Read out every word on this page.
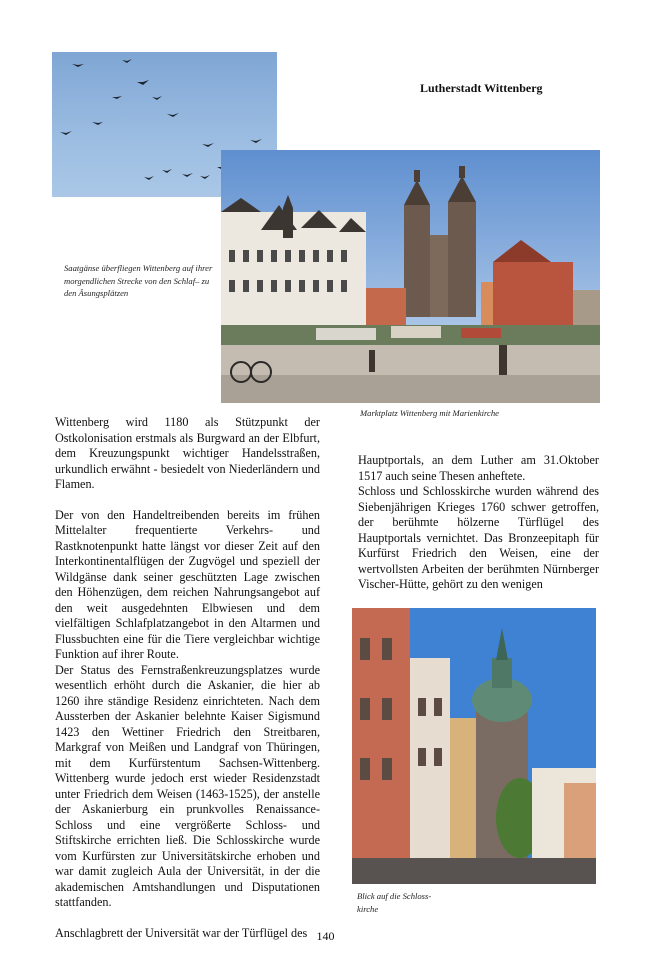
Lutherstadt Wittenberg
Saatgänse überfliegen Wittenberg auf ihrer morgendlichen Strecke von den Schlaf– zu den Äsungsplätzen
Marktplatz Wittenberg mit Marienkirche

Wittenberg wird 1180 als Stützpunkt der Ostkolonisation erstmals als Burgward an der Elbfurt, dem Kreuzungspunkt wichtiger Handelsstraßen, urkundlich erwähnt - besiedelt von Niederländern und Flamen.

Der von den Handeltreibenden bereits im frühen Mittelalter frequentierte Verkehrs- und Rastknotenpunkt hatte längst vor dieser Zeit auf den Interkontinentalflügen der Zugvögel und speziell der Wildgänse dank seiner geschützten Lage zwischen den Höhenzügen, dem reichen Nahrungsangebot auf den weit ausgedehnten Elbwiesen und dem vielfältigen Schlafplatzangebot in den Altarmen und Flussbuchten eine für die Tiere vergleichbar wichtige Funktion auf ihrer Route.

Der Status des Fernstraßenkreuzungsplatzes wurde wesentlich erhöht durch die Askanier, die hier ab 1260 ihre ständige Residenz einrichteten. Nach dem Aussterben der Askanier belehnte Kaiser Sigismund 1423 den Wettiner Friedrich den Streitbaren, Markgraf von Meißen und Landgraf von Thüringen, mit dem Kurfürstentum Sachsen-Wittenberg. Wittenberg wurde jedoch erst wieder Residenzstadt unter Friedrich dem Weisen (1463-1525), der anstelle der Askanierburg ein prunkvolles Renaissance-Schloss und eine vergrößerte Schloss- und Stiftskirche errichten ließ. Die Schlosskirche wurde vom Kurfürsten zur Universitätskirche erhoben und war damit zugleich Aula der Universität, in der die akademischen Amtshandlungen und Disputationen stattfanden.

Anschlagbrett der Universität war der Türflügel des

Hauptportals, an dem Luther am 31.Oktober 1517 auch seine Thesen anheftete.

Schloss und Schlosskirche wurden während des Siebenjährigen Krieges 1760 schwer getroffen, der berühmte hölzerne Türflügel des Hauptportals vernichtet. Das Bronzeepitaph für Kurfürst Friedrich den Weisen, eine der wertvollsten Arbeiten der berühmten Nürnberger Vischer-Hütte, gehört zu den wenigen

Blick auf die Schloss-kirche
140
